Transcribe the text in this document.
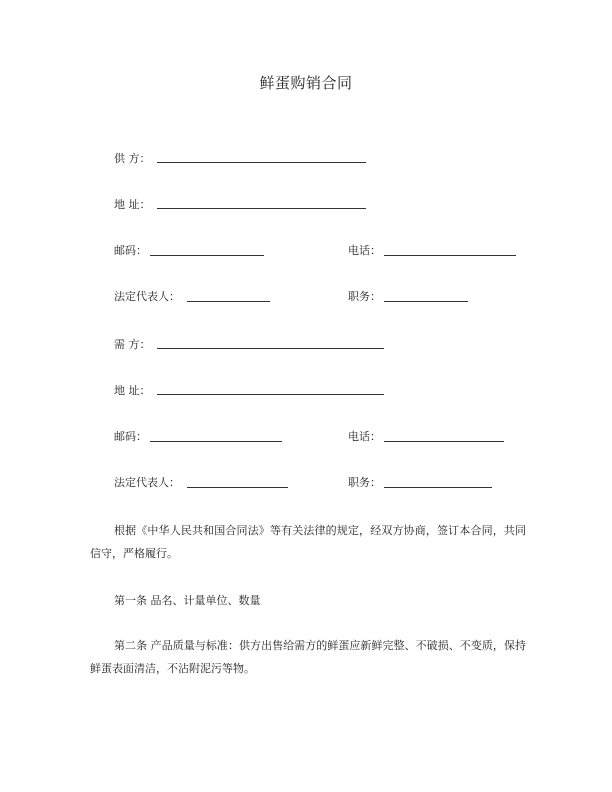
鲜蛋购销合同
供 方：
地 址：
邮码：	电话：
法定代表人：	职务：
需 方：
地 址：
邮码：	电话：
法定代表人：	职务：
根据《中华人民共和国合同法》等有关法律的规定，经双方协商，签订本合同，共同信守，严格履行。
第一条 品名、计量单位、数量
第二条 产品质量与标准：供方出售给需方的鲜蛋应新鲜完整、不破损、不变质，保持鲜蛋表面清洁，不沾附泥污等物。
